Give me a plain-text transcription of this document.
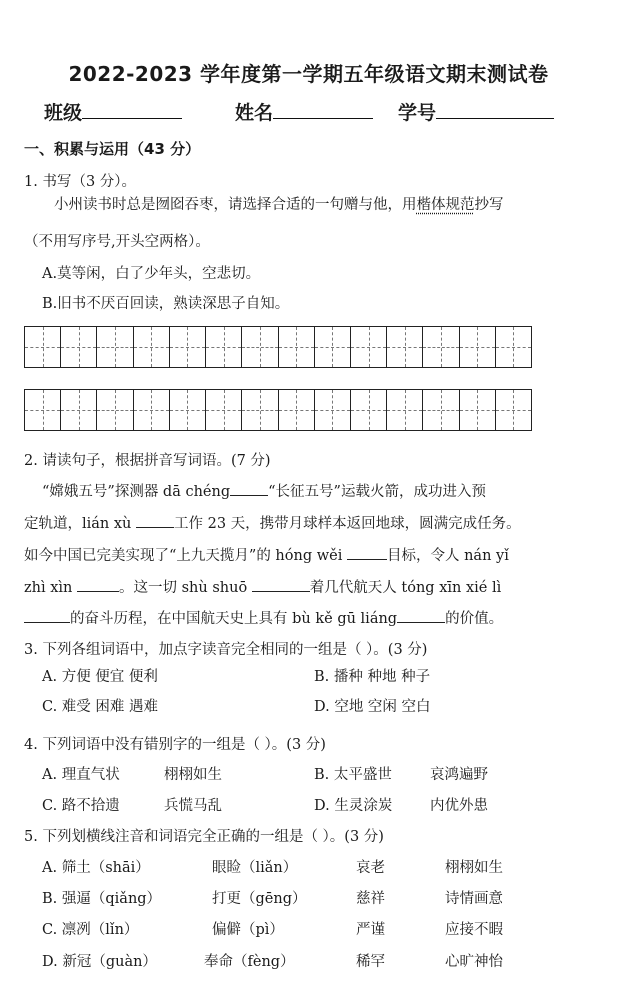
2022-2023 学年度第一学期五年级语文期末测试卷
班级	姓名	学号
一、积累与运用（43 分）
1. 书写（3 分）。
小州读书时总是囫囵吞枣，请选择合适的一句赠与他，用楷体规范抄写
（不用写序号,开头空两格）。
A.莫等闲，白了少年头，空悲切。
B.旧书不厌百回读，熟读深思子自知。
2. 请读句子，根据拼音写词语。(7 分)
“嫦娥五号”探测器 dā chéng	“长征五号”运载火箭，成功进入预
定轨道，lián xù	工作 23 天，携带月球样本返回地球，圆满完成任务。
如今中国已完美实现了“上九天揽月”的 hóng wěi	目标，令人 nán yǐ
zhì xìn	。这一切 shù shuō	着几代航天人 tóng xīn xié lì
的奋斗历程，在中国航天史上具有 bù kě gū liáng	的价值。
3. 下列各组词语中，加点字读音完全相同的一组是（ ）。(3 分)
A. 方便 便宜 便利	B. 播种 种地 种子
C. 难受 困难 遇难	D. 空地 空闲 空白
4. 下列词语中没有错别字的一组是（ ）。(3 分)
A. 理直气状	栩栩如生	B. 太平盛世	哀鸿遍野
C. 路不拾遗	兵慌马乱	D. 生灵涂炭	内优外患
5. 下列划横线注音和词语完全正确的一组是（ ）。(3 分)
A. 筛土（shāi）	眼睑（liǎn）	哀老	栩栩如生
B. 强逼（qiǎng）	打更（gēng）	慈祥	诗情画意
C. 凛冽（lǐn）	偏僻（pì）	严谨	应接不暇
D. 新冠（guàn）	奉命（fèng）	稀罕	心旷神怡
